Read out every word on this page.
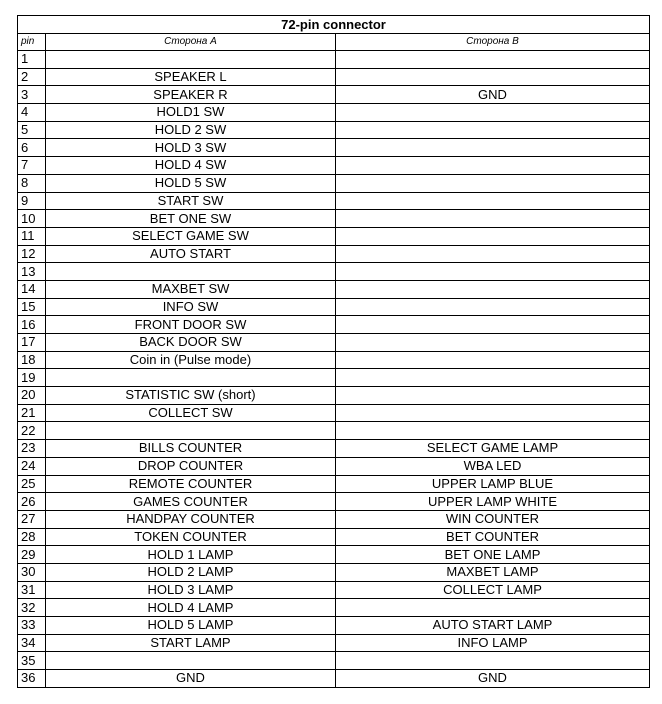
72-pin connector		
pin	Сторона A	Сторона B
1		
2	SPEAKER L	
3	SPEAKER R	GND
4	HOLD1 SW	
5	HOLD 2 SW	
6	HOLD 3 SW	
7	HOLD 4 SW	
8	HOLD 5 SW	
9	START SW	
10	BET ONE SW	
11	SELECT GAME SW	
12	AUTO START	
13		
14	MAXBET SW	
15	INFO SW	
16	FRONT DOOR SW	
17	BACK DOOR SW	
18	Coin in (Pulse mode)	
19		
20	STATISTIC SW (short)	
21	COLLECT SW	
22		
23	BILLS COUNTER	SELECT GAME LAMP
24	DROP COUNTER	WBA LED
25	REMOTE COUNTER	UPPER LAMP BLUE
26	GAMES COUNTER	UPPER LAMP WHITE
27	HANDPAY COUNTER	WIN COUNTER
28	TOKEN COUNTER	BET COUNTER
29	HOLD 1 LAMP	BET ONE LAMP
30	HOLD 2 LAMP	MAXBET LAMP
31	HOLD 3 LAMP	COLLECT LAMP
32	HOLD 4 LAMP	
33	HOLD 5 LAMP	AUTO START LAMP
34	START LAMP	INFO LAMP
35		
36	GND	GND
